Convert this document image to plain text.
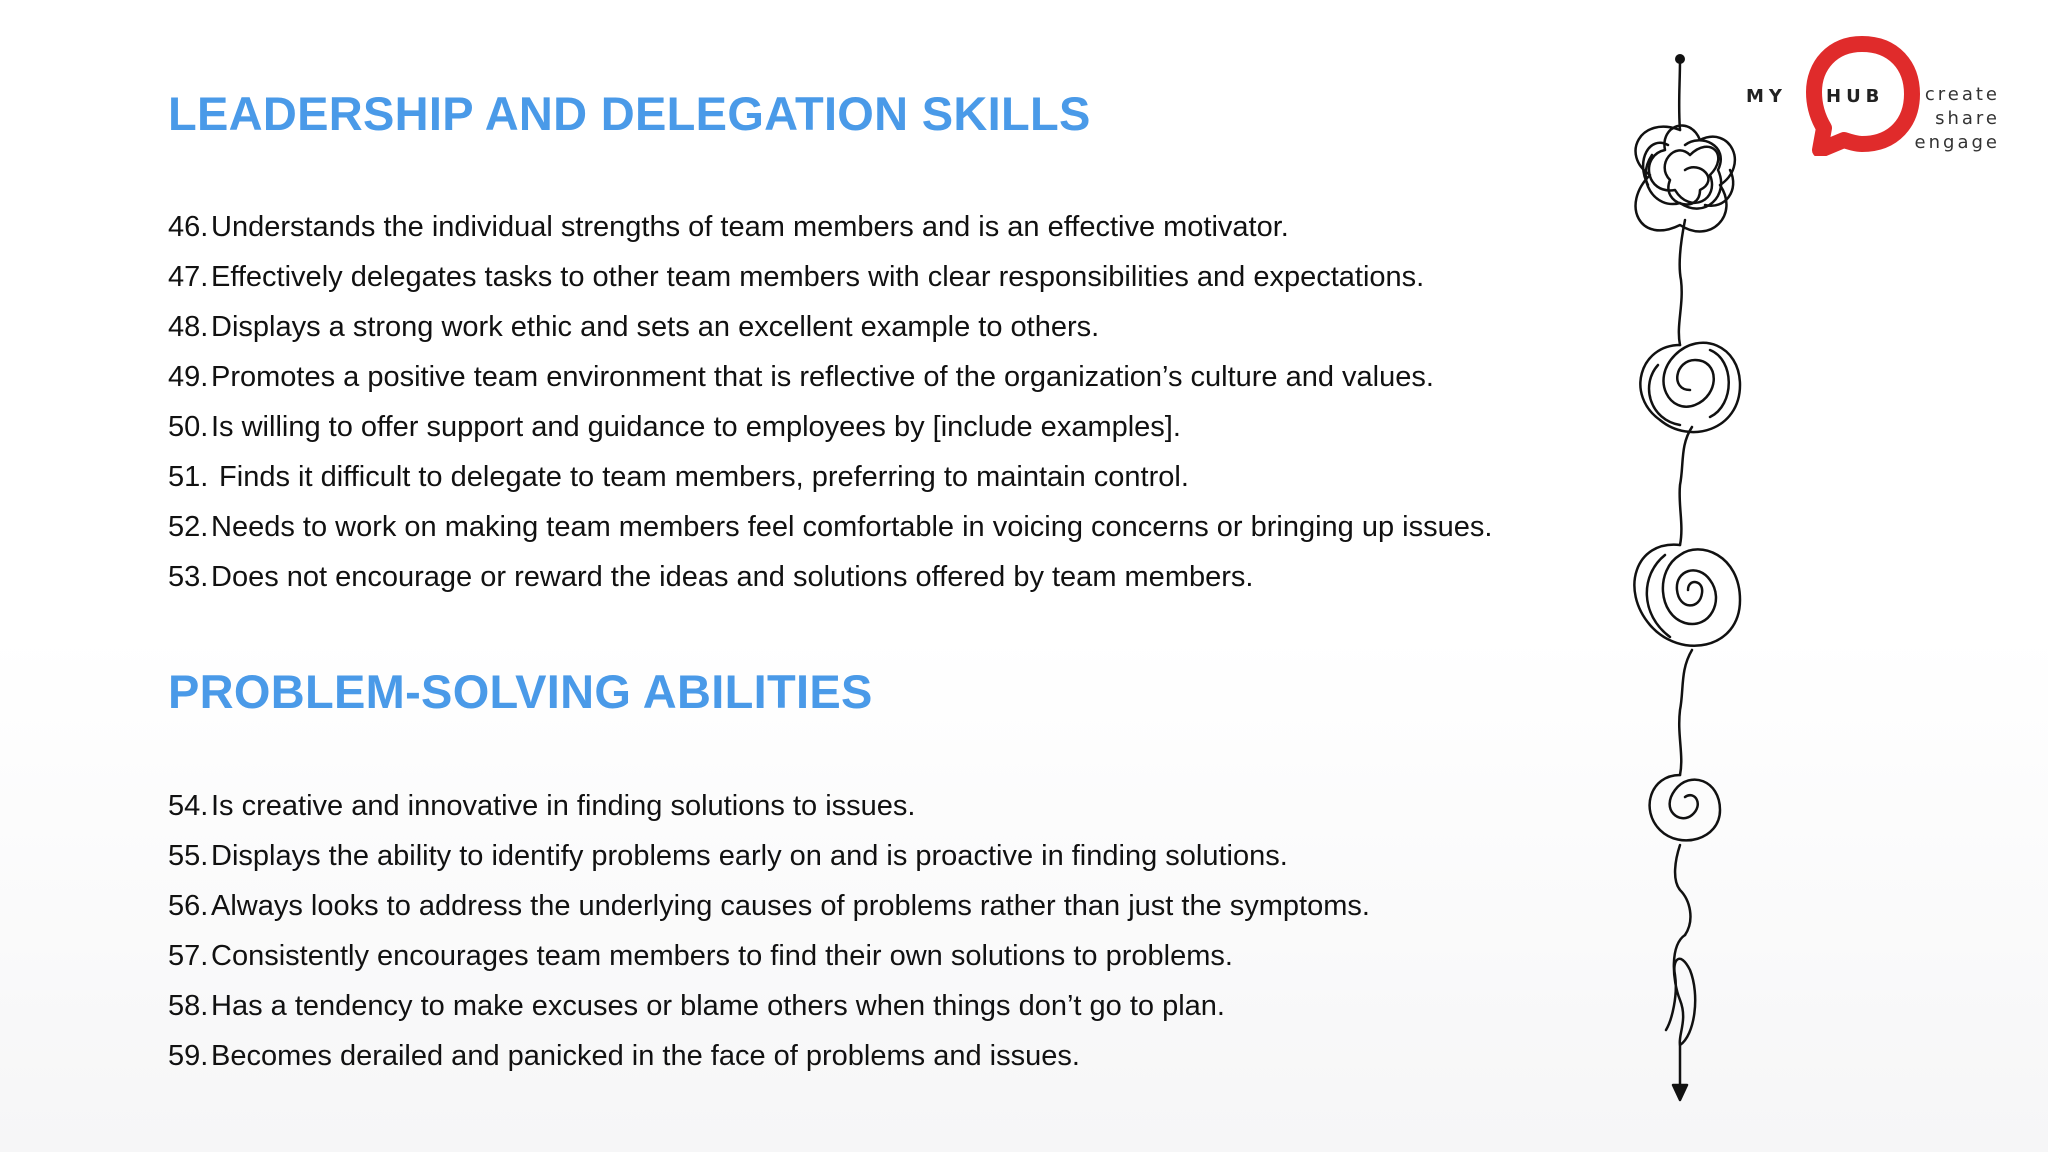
LEADERSHIP AND DELEGATION SKILLS
46. Understands the individual strengths of team members and is an effective motivator.
47. Effectively delegates tasks to other team members with clear responsibilities and expectations.
48. Displays a strong work ethic and sets an excellent example to others.
49. Promotes a positive team environment that is reflective of the organization’s culture and values.
50. Is willing to offer support and guidance to employees by [include examples].
51. Finds it difficult to delegate to team members, preferring to maintain control.
52. Needs to work on making team members feel comfortable in voicing concerns or bringing up issues.
53. Does not encourage or reward the ideas and solutions offered by team members.
PROBLEM-SOLVING ABILITIES
54. Is creative and innovative in finding solutions to issues.
55. Displays the ability to identify problems early on and is proactive in finding solutions.
56. Always looks to address the underlying causes of problems rather than just the symptoms.
57. Consistently encourages team members to find their own solutions to problems.
58. Has a tendency to make excuses or blame others when things don’t go to plan.
59. Becomes derailed and panicked in the face of problems and issues.
MY HUB create
share
engage
